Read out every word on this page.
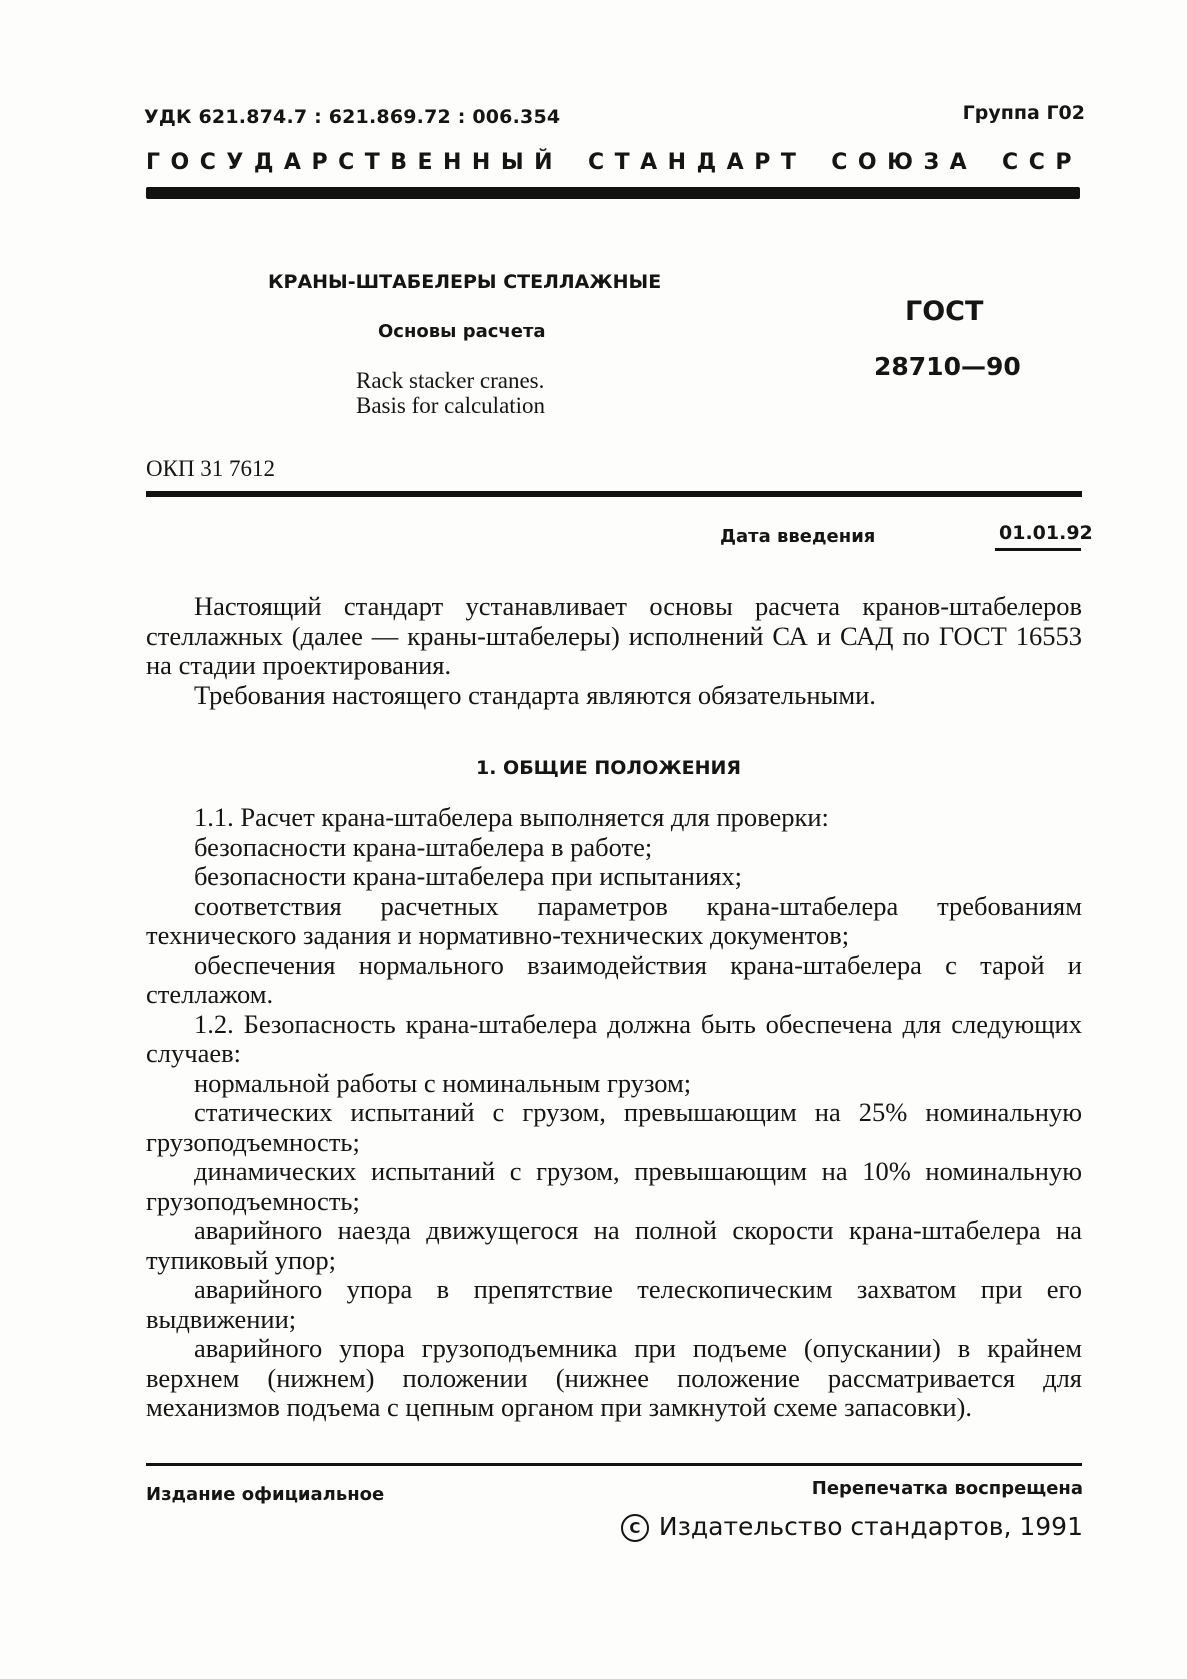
УДК 621.874.7 : 621.869.72 : 006.354	Группа Г02
ГОСУДАРСТВЕННЫЙ СТАНДАРТ СОЮЗА ССР
КРАНЫ-ШТАБЕЛЕРЫ СТЕЛЛАЖНЫЕ
Основы расчета
Rack stacker cranes.
Basis for calculation
ГОСТ
28710—90
ОКП 31 7612
Дата введения	01.01.92

Настоящий стандарт устанавливает основы расчета кранов-штабелеров стеллажных (далее — краны-штабелеры) исполнений СА и САД по ГОСТ 16553 на стадии проектирования.

Требования настоящего стандарта являются обязательными.

1. ОБЩИЕ ПОЛОЖЕНИЯ

1.1. Расчет крана-штабелера выполняется для проверки:

безопасности крана-штабелера в работе;

безопасности крана-штабелера при испытаниях;

соответствия расчетных параметров крана-штабелера требованиям технического задания и нормативно-технических документов;

обеспечения нормального взаимодействия крана-штабелера с тарой и стеллажом.

1.2. Безопасность крана-штабелера должна быть обеспечена для следующих случаев:

нормальной работы с номинальным грузом;

статических испытаний с грузом, превышающим на 25% номинальную грузоподъемность;

динамических испытаний с грузом, превышающим на 10% номинальную грузоподъемность;

аварийного наезда движущегося на полной скорости крана-штабелера на тупиковый упор;

аварийного упора в препятствие телескопическим захватом при его выдвижении;

аварийного упора грузоподъемника при подъеме (опускании) в крайнем верхнем (нижнем) положении (нижнее положение рассматривается для механизмов подъема с цепным органом при замкнутой схеме запасовки).

Издание официальное	Перепечатка воспрещена
C Издательство стандартов, 1991
